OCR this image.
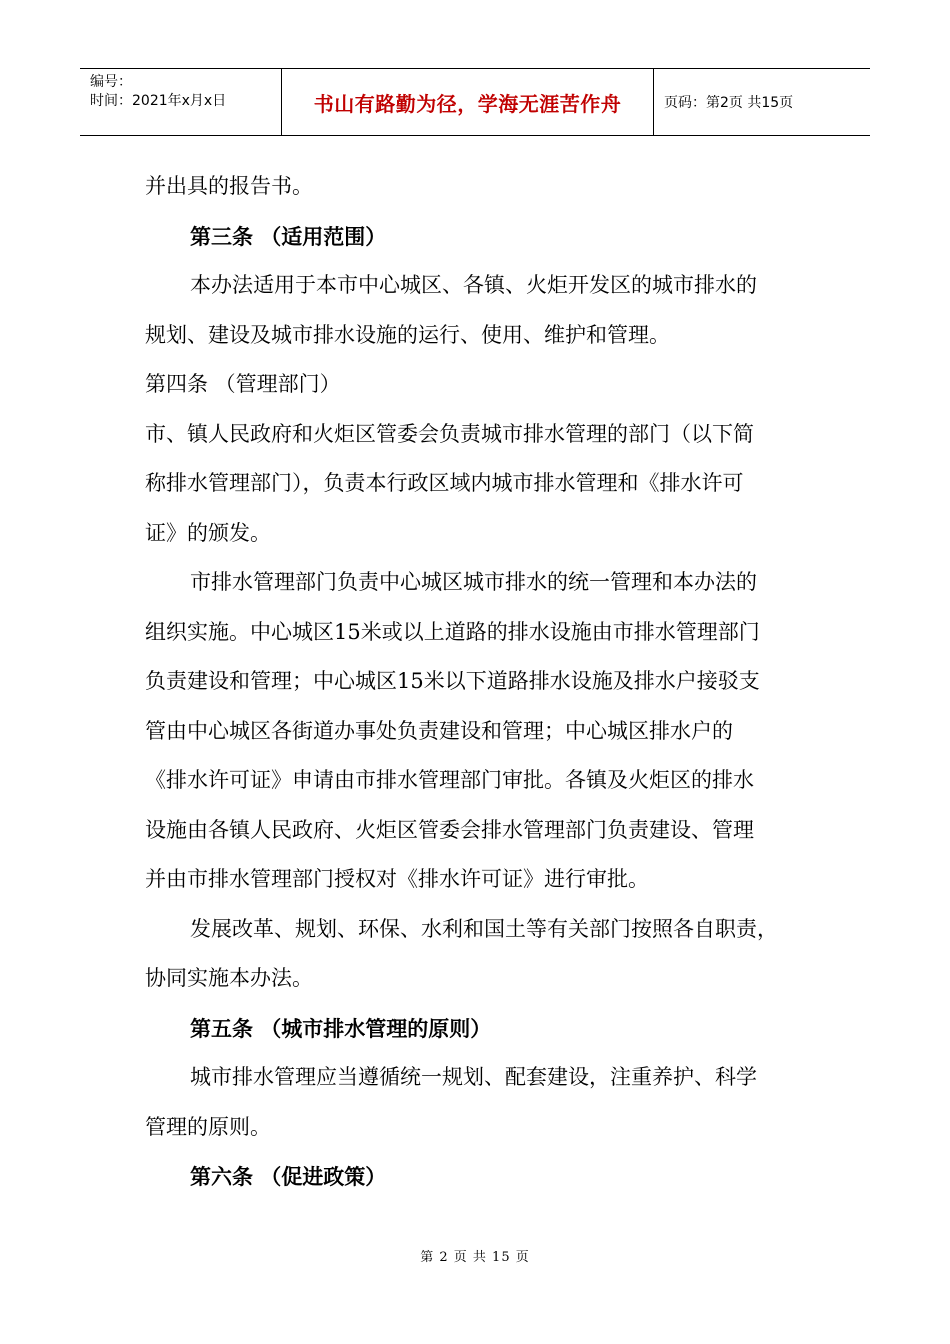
编号：
时间：2021年x月x日	书山有路勤为径，学海无涯苦作舟	页码：第2页 共15页

并出具的报告书。

第三条 （适用范围）

本办法适用于本市中心城区、各镇、火炬开发区的城市排水的

规划、建设及城市排水设施的运行、使用、维护和管理。

第四条 （管理部门）

市、镇人民政府和火炬区管委会负责城市排水管理的部门（以下简

称排水管理部门），负责本行政区域内城市排水管理和《排水许可

证》的颁发。

市排水管理部门负责中心城区城市排水的统一管理和本办法的

组织实施。中心城区15米或以上道路的排水设施由市排水管理部门

负责建设和管理；中心城区15米以下道路排水设施及排水户接驳支

管由中心城区各街道办事处负责建设和管理；中心城区排水户的

《排水许可证》申请由市排水管理部门审批。各镇及火炬区的排水

设施由各镇人民政府、火炬区管委会排水管理部门负责建设、管理

并由市排水管理部门授权对《排水许可证》进行审批。

发展改革、规划、环保、水利和国土等有关部门按照各自职责，

协同实施本办法。

第五条 （城市排水管理的原则）

城市排水管理应当遵循统一规划、配套建设，注重养护、科学

管理的原则。

第六条 （促进政策）

第 2 页 共 15 页
